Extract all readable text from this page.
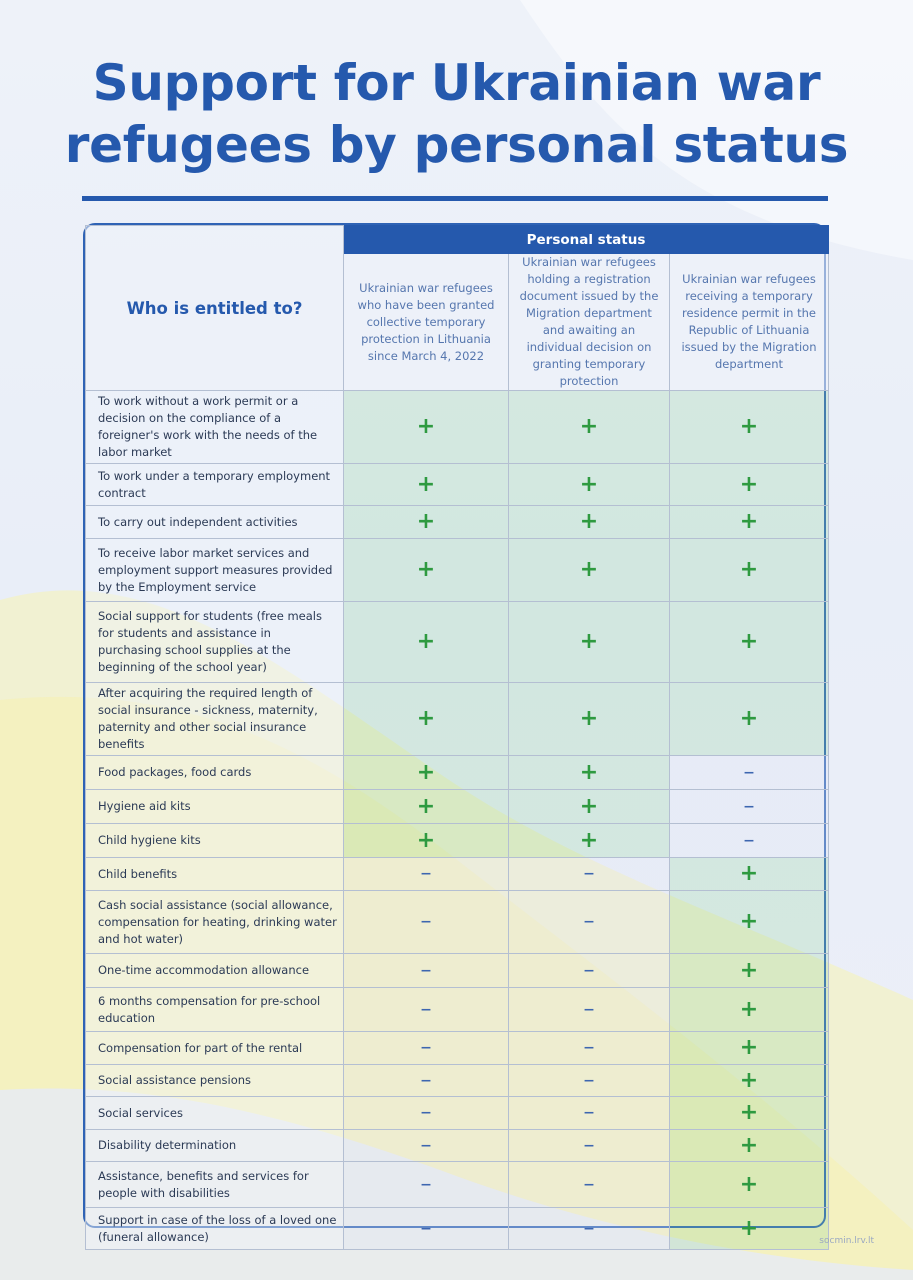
Support for Ukrainian war
refugees by personal status
Who is entitled to?	Personal status		
	Ukrainian war refugees who have been granted collective temporary protection in Lithuania since March 4, 2022	Ukrainian war refugees holding a registration document issued by the Migration department and awaiting an individual decision on granting temporary protection	Ukrainian war refugees receiving a temporary residence permit in the Republic of Lithuania issued by the Migration department
To work without a work permit or a decision on the compliance of a foreigner's work with the needs of the labor market	+	+	+
To work under a temporary employment contract	+	+	+
To carry out independent activities	+	+	+
To receive labor market services and employment support measures provided by the Employment service	+	+	+
Social support for students (free meals for students and assistance in purchasing school supplies at the beginning of the school year)	+	+	+
After acquiring the required length of social insurance - sickness, maternity, paternity and other social insurance benefits	+	+	+
Food packages, food cards	+	+	–
Hygiene aid kits	+	+	–
Child hygiene kits	+	+	–
Child benefits	–	–	+
Cash social assistance (social allowance, compensation for heating, drinking water and hot water)	–	–	+
One-time accommodation allowance	–	–	+
6 months compensation for pre-school education	–	–	+
Compensation for part of the rental	–	–	+
Social assistance pensions	–	–	+
Social services	–	–	+
Disability determination	–	–	+
Assistance, benefits and services for people with disabilities	–	–	+
Support in case of the loss of a loved one (funeral allowance)	–	–	+
socmin.lrv.lt
